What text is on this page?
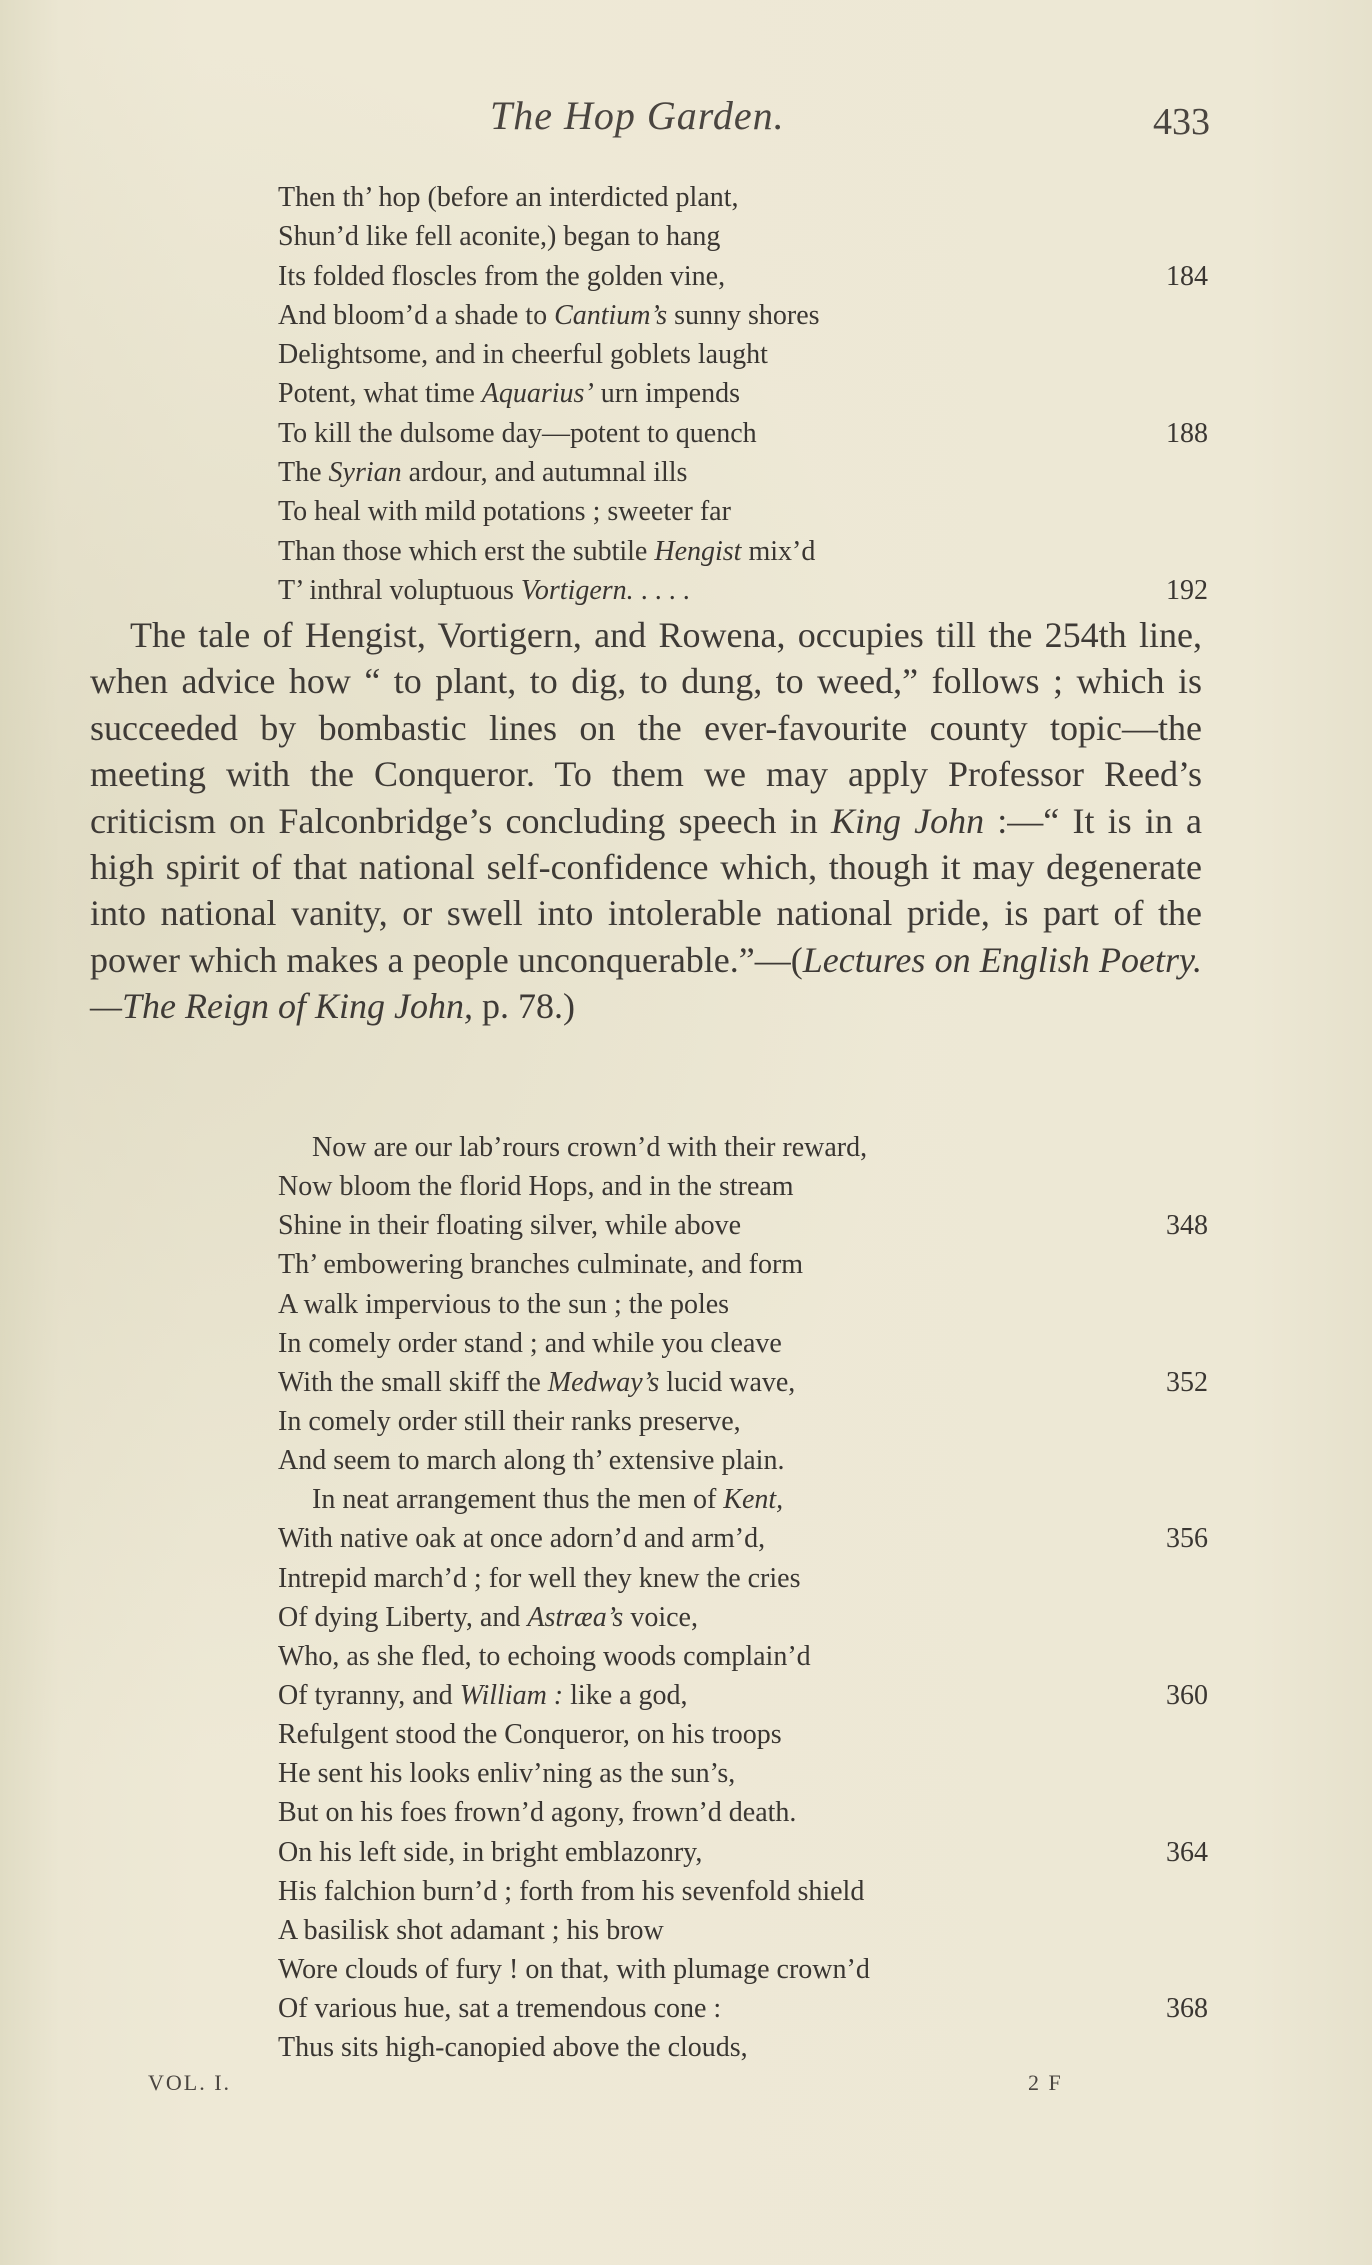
The Hop Garden.	433
Then th’ hop (before an interdicted plant,
Shun’d like fell aconite,) began to hang
Its folded floscles from the golden vine,	184
And bloom’d a shade to Cantium’s sunny shores
Delightsome, and in cheerful goblets laught
Potent, what time Aquarius’ urn impends
To kill the dulsome day—potent to quench	188
The Syrian ardour, and autumnal ills
To heal with mild potations ; sweeter far
Than those which erst the subtile Hengist mix’d
T’ inthral voluptuous Vortigern. . . . .	192

The tale of Hengist, Vortigern, and Rowena, occupies till the 254th line, when advice how “ to plant, to dig, to dung, to weed,” follows ; which is succeeded by bombastic lines on the ever-favourite county topic—the meeting with the Conqueror. To them we may apply Professor Reed’s criticism on Falconbridge’s concluding speech in King John :—“ It is in a high spirit of that national self-confidence which, though it may degenerate into national vanity, or swell into intolerable national pride, is part of the power which makes a people unconquerable.”—(Lectures on English Poetry.—The Reign of King John, p. 78.)

Now are our lab’rours crown’d with their reward,
Now bloom the florid Hops, and in the stream
Shine in their floating silver, while above	348
Th’ embowering branches culminate, and form
A walk impervious to the sun ; the poles
In comely order stand ; and while you cleave
With the small skiff the Medway’s lucid wave,	352
In comely order still their ranks preserve,
And seem to march along th’ extensive plain.
In neat arrangement thus the men of Kent,
With native oak at once adorn’d and arm’d,	356
Intrepid march’d ; for well they knew the cries
Of dying Liberty, and Astræa’s voice,
Who, as she fled, to echoing woods complain’d
Of tyranny, and William : like a god,	360
Refulgent stood the Conqueror, on his troops
He sent his looks enliv’ning as the sun’s,
But on his foes frown’d agony, frown’d death.
On his left side, in bright emblazonry,	364
His falchion burn’d ; forth from his sevenfold shield
A basilisk shot adamant ; his brow
Wore clouds of fury ! on that, with plumage crown’d
Of various hue, sat a tremendous cone :	368
Thus sits high-canopied above the clouds,
VOL. I.	2 F
